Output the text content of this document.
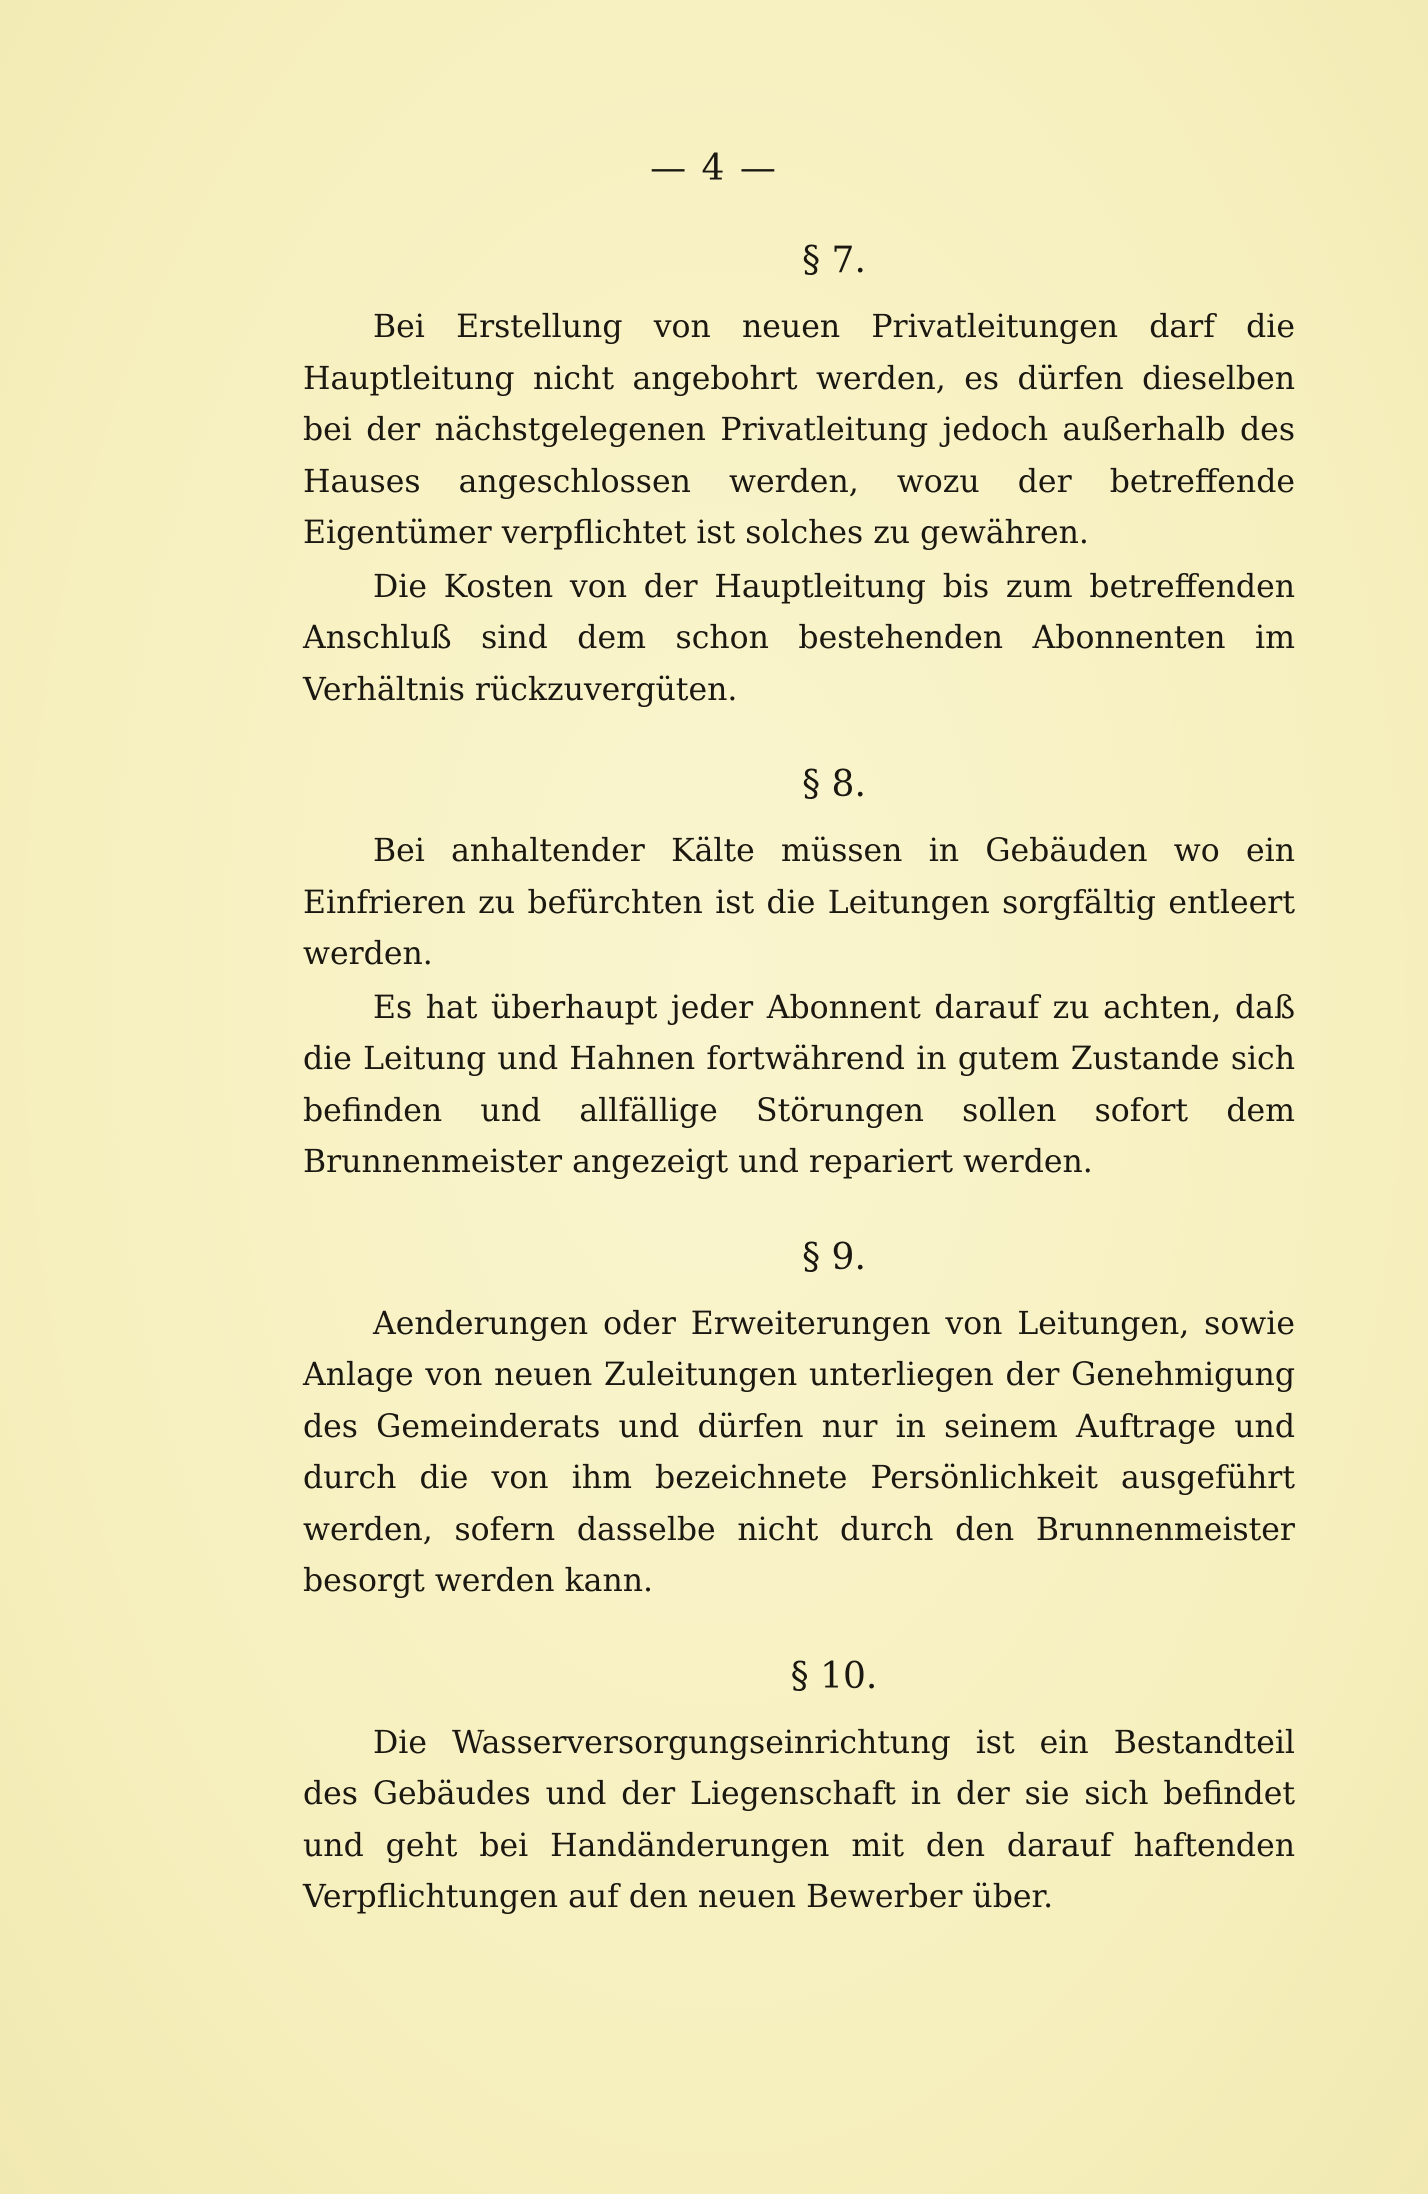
— 4 —
§ 7.

Bei Erstellung von neuen Privatleitungen darf die Hauptleitung nicht angebohrt werden, es dürfen dieselben bei der nächstgelegenen Privatleitung jedoch außerhalb des Hauses angeschlossen werden, wozu der betreffende Eigentümer verpflichtet ist solches zu gewähren.

Die Kosten von der Hauptleitung bis zum betreffenden Anschluß sind dem schon bestehenden Abonnenten im Verhältnis rückzuvergüten.

§ 8.

Bei anhaltender Kälte müssen in Gebäuden wo ein Einfrieren zu befürchten ist die Leitungen sorgfältig entleert werden.

Es hat überhaupt jeder Abonnent darauf zu achten, daß die Leitung und Hahnen fortwährend in gutem Zustande sich befinden und allfällige Störungen sollen sofort dem Brunnenmeister angezeigt und repariert werden.

§ 9.

Aenderungen oder Erweiterungen von Leitungen, sowie Anlage von neuen Zuleitungen unterliegen der Genehmigung des Gemeinderats und dürfen nur in seinem Auftrage und durch die von ihm bezeichnete Persönlichkeit ausgeführt werden, sofern dasselbe nicht durch den Brunnenmeister besorgt werden kann.

§ 10.

Die Wasserversorgungseinrichtung ist ein Bestandteil des Gebäudes und der Liegenschaft in der sie sich befindet und geht bei Handänderungen mit den darauf haftenden Verpflichtungen auf den neuen Bewerber über.
